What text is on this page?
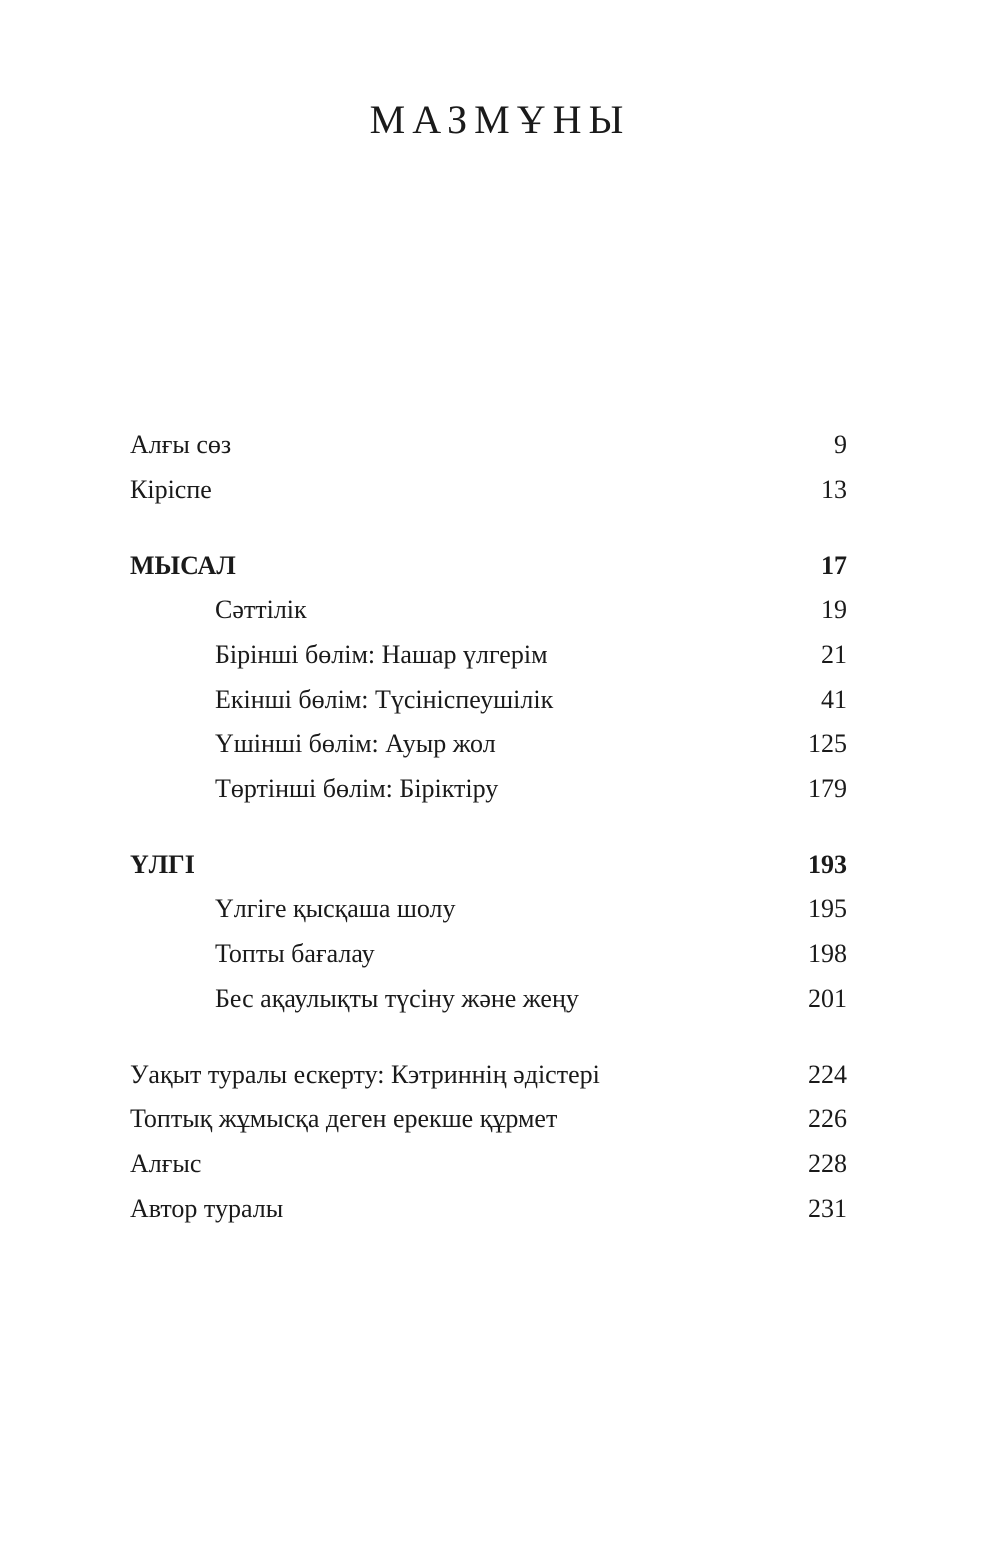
МАЗМҰНЫ
Алғы сөз	9
Кіріспе	13
МЫСАЛ	17
Сәттілік	19
Бірінші бөлім: Нашар үлгерім	21
Екінші бөлім: Түсініспеушілік	41
Үшінші бөлім: Ауыр жол	125
Төртінші бөлім: Біріктіру	179
ҮЛГІ	193
Үлгіге қысқаша шолу	195
Топты бағалау	198
Бес ақаулықты түсіну және жеңу	201
Уақыт туралы ескерту: Кэтриннің әдістері	224
Топтық жұмысқа деген ерекше құрмет	226
Алғыс	228
Автор туралы	231
